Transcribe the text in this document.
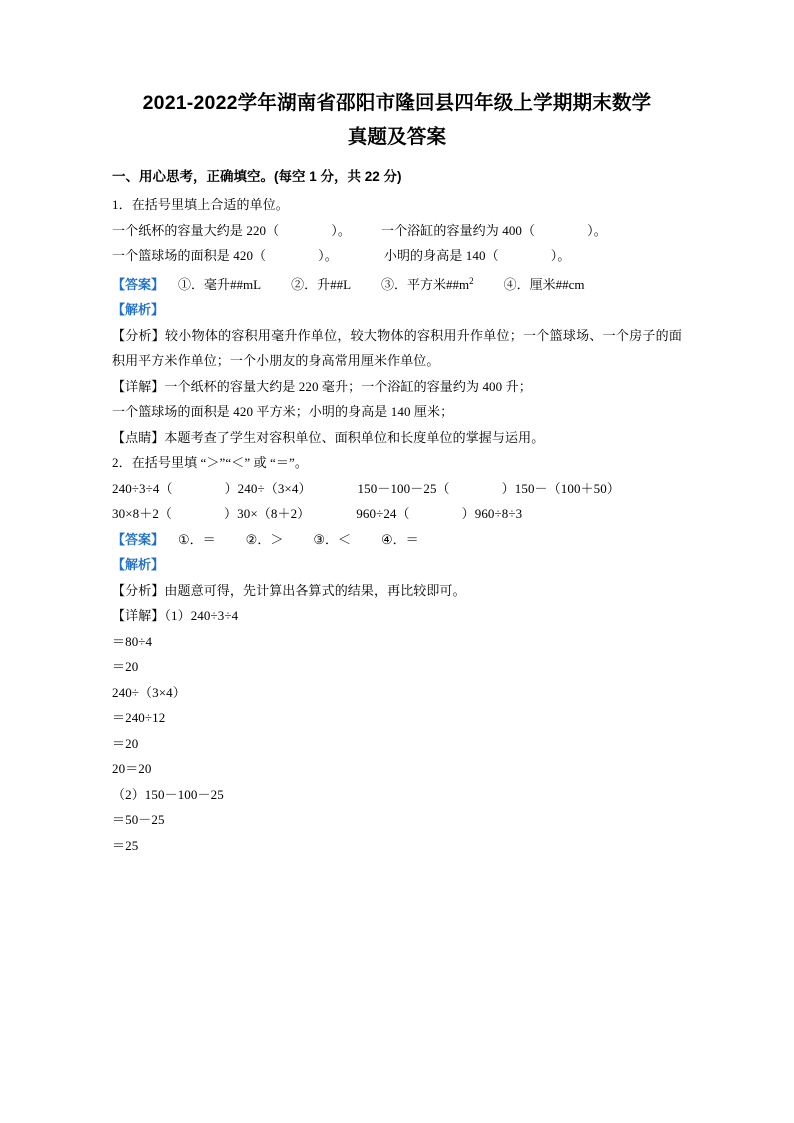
2021-2022学年湖南省邵阳市隆回县四年级上学期期末数学
真题及答案
一、用心思考，正确填空。(每空 1 分，共 22 分)

1．在括号里填上合适的单位。

一个纸杯的容量大约是 220（	）。 一个浴缸的容量约为 400（	）。

一个篮球场的面积是 420（	）。	小明的身高是 140（	）。

【答案】 ①．毫升##mL ②．升##L ③．平方米$\#\#m^2$ ④．厘米##cm

【解析】

【分析】较小物体的容积用毫升作单位，较大物体的容积用升作单位；一个篮球场、一个房子的面积用平方米作单位；一个小朋友的身高常用厘米作单位。

【详解】一个纸杯的容量大约是 220 毫升；一个浴缸的容量约为 400 升；

一个篮球场的面积是 420 平方米；小明的身高是 140 厘米；

【点睛】本题考查了学生对容积单位、面积单位和长度单位的掌握与运用。

2．在括号里填 “＞”“＜” 或 “＝”。

240÷3÷4（	）240÷（3×4）	150－100－25（	）150－（100＋50）

30×8＋2（	）30×（8＋2）	960÷24（	）960÷8÷3

【答案】 ①．＝ ②．＞ ③．＜ ④．＝

【解析】

【分析】由题意可得，先计算出各算式的结果，再比较即可。

【详解】（1）240÷3÷4

＝80÷4

＝20

240÷（3×4）

＝240÷12

＝20

20＝20

（2）150－100－25

＝50－25

＝25
